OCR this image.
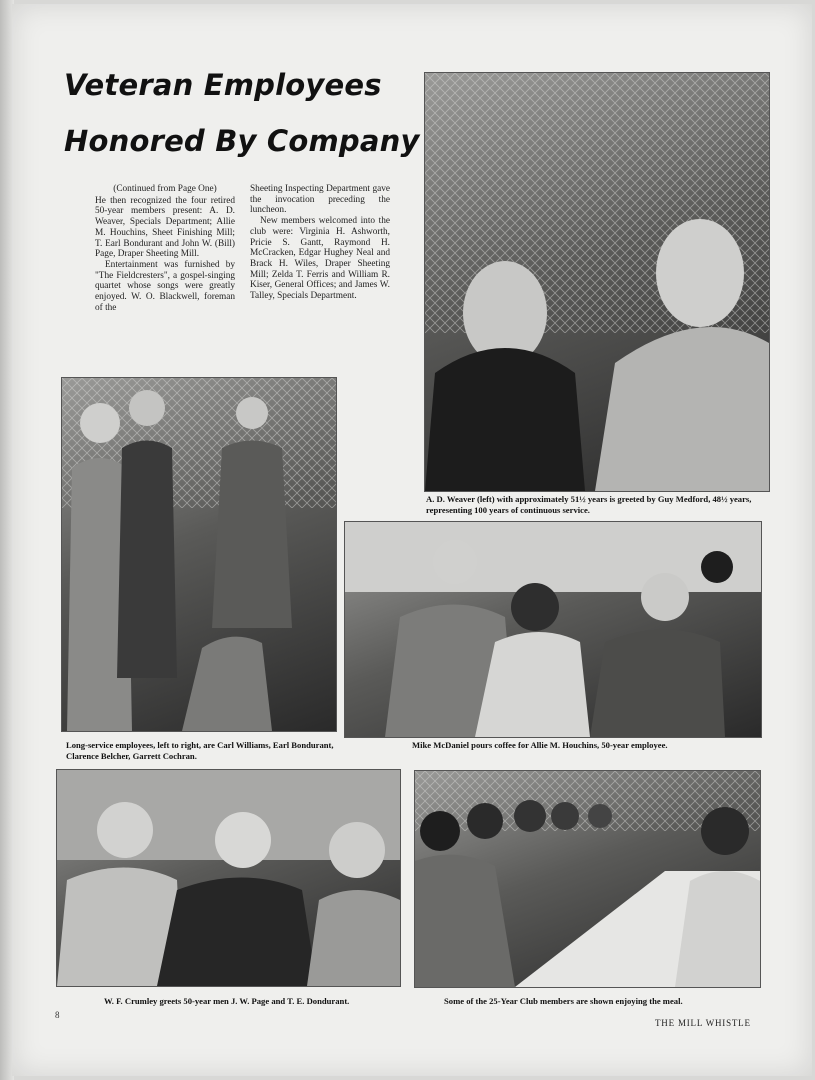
Veteran Employees
Honored By Company

(Continued from Page One)

He then recognized the four retired 50-year members present: A. D. Weaver, Specials Department; Allie M. Houchins, Sheet Finishing Mill; T. Earl Bondurant and John W. (Bill) Page, Draper Sheeting Mill.

Entertainment was furnished by "The Fieldcresters", a gospel-singing quartet whose songs were greatly enjoyed. W. O. Blackwell, foreman of the

Sheeting Inspecting Department gave the invocation preceding the luncheon.

New members welcomed into the club were: Virginia H. Ashworth, Pricie S. Gantt, Raymond H. McCracken, Edgar Hughey Neal and Brack H. Wiles, Draper Sheeting Mill; Zelda T. Ferris and William R. Kiser, General Offices; and James W. Talley, Specials Department.

A. D. Weaver (left) with approximately 51½ years is greeted by Guy Medford, 48½ years, representing 100 years of continuous service.

Long-service employees, left to right, are Carl Williams, Earl Bondurant, Clarence Belcher, Garrett Cochran.

Mike McDaniel pours coffee for Allie M. Houchins, 50-year employee.

W. F. Crumley greets 50-year men J. W. Page and T. E. Dondurant.	Some of the 25-Year Club members are shown enjoying the meal.

8
THE MILL WHISTLE
